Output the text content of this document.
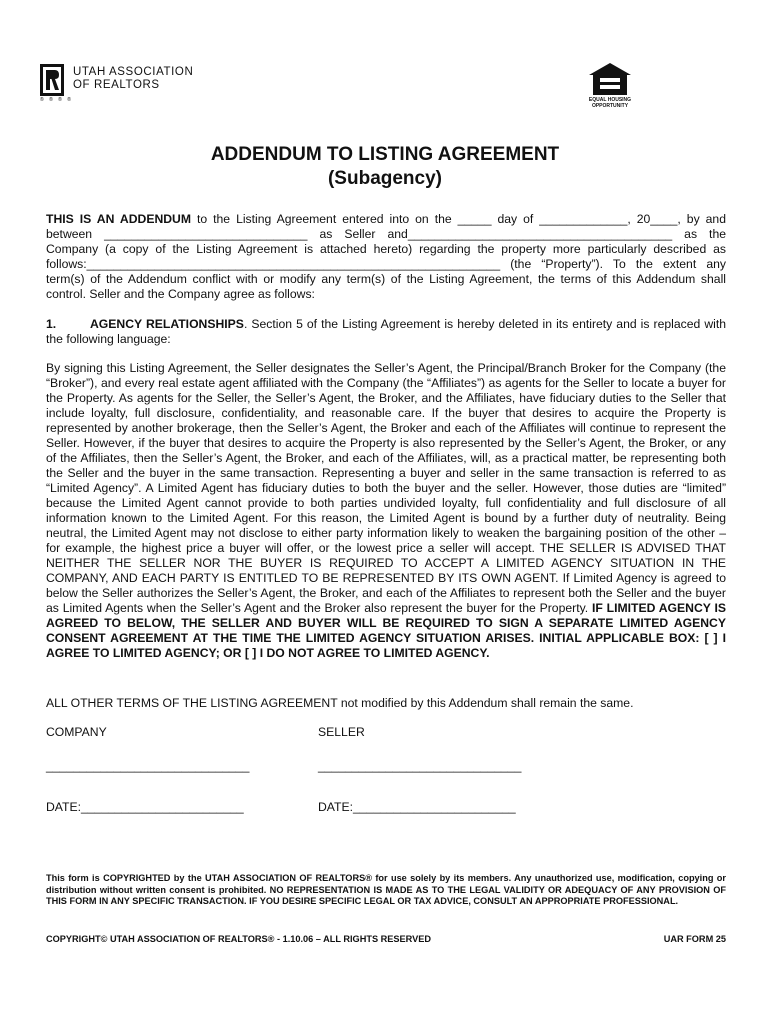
UTAH ASSOCIATION
OF REALTORS
® ® ® ®	EQUAL HOUSING
OPPORTUNITY
ADDENDUM TO LISTING AGREEMENT
(Subagency)
THIS IS AN ADDENDUM to the Listing Agreement entered into on the _____ day of _____________, 20____, by and between ______________________________ as Seller and_______________________________________ as the Company (a copy of the Listing Agreement is attached hereto) regarding the property more particularly described as follows:_____________________________________________________________ (the “Property”). To the extent any term(s) of the Addendum conflict with or modify any term(s) of the Listing Agreement, the terms of this Addendum shall control. Seller and the Company agree as follows:
1.	AGENCY RELATIONSHIPS. Section 5 of the Listing Agreement is hereby deleted in its entirety and is replaced with the following language:
By signing this Listing Agreement, the Seller designates the Seller’s Agent, the Principal/Branch Broker for the Company (the “Broker”), and every real estate agent affiliated with the Company (the “Affiliates”) as agents for the Seller to locate a buyer for the Property. As agents for the Seller, the Seller’s Agent, the Broker, and the Affiliates, have fiduciary duties to the Seller that include loyalty, full disclosure, confidentiality, and reasonable care. If the buyer that desires to acquire the Property is represented by another brokerage, then the Seller’s Agent, the Broker and each of the Affiliates will continue to represent the Seller. However, if the buyer that desires to acquire the Property is also represented by the Seller’s Agent, the Broker, or any of the Affiliates, then the Seller’s Agent, the Broker, and each of the Affiliates, will, as a practical matter, be representing both the Seller and the buyer in the same transaction. Representing a buyer and seller in the same transaction is referred to as “Limited Agency”. A Limited Agent has fiduciary duties to both the buyer and the seller. However, those duties are “limited” because the Limited Agent cannot provide to both parties undivided loyalty, full confidentiality and full disclosure of all information known to the Limited Agent. For this reason, the Limited Agent is bound by a further duty of neutrality. Being neutral, the Limited Agent may not disclose to either party information likely to weaken the bargaining position of the other – for example, the highest price a buyer will offer, or the lowest price a seller will accept. THE SELLER IS ADVISED THAT NEITHER THE SELLER NOR THE BUYER IS REQUIRED TO ACCEPT A LIMITED AGENCY SITUATION IN THE COMPANY, AND EACH PARTY IS ENTITLED TO BE REPRESENTED BY ITS OWN AGENT. If Limited Agency is agreed to below the Seller authorizes the Seller’s Agent, the Broker, and each of the Affiliates to represent both the Seller and the buyer as Limited Agents when the Seller’s Agent and the Broker also represent the buyer for the Property. IF LIMITED AGENCY IS AGREED TO BELOW, THE SELLER AND BUYER WILL BE REQUIRED TO SIGN A SEPARATE LIMITED AGENCY CONSENT AGREEMENT AT THE TIME THE LIMITED AGENCY SITUATION ARISES. INITIAL APPLICABLE BOX: [ ] I AGREE TO LIMITED AGENCY; OR [ ] I DO NOT AGREE TO LIMITED AGENCY.
ALL OTHER TERMS OF THE LISTING AGREEMENT not modified by this Addendum shall remain the same.
COMPANY	SELLER
______________________________	______________________________
DATE:________________________	DATE:________________________
This form is COPYRIGHTED by the UTAH ASSOCIATION OF REALTORS® for use solely by its members. Any unauthorized use, modification, copying or distribution without written consent is prohibited. NO REPRESENTATION IS MADE AS TO THE LEGAL VALIDITY OR ADEQUACY OF ANY PROVISION OF THIS FORM IN ANY SPECIFIC TRANSACTION. IF YOU DESIRE SPECIFIC LEGAL OR TAX ADVICE, CONSULT AN APPROPRIATE PROFESSIONAL.
COPYRIGHT© UTAH ASSOCIATION OF REALTORS® - 1.10.06 – ALL RIGHTS RESERVED	UAR FORM 25
